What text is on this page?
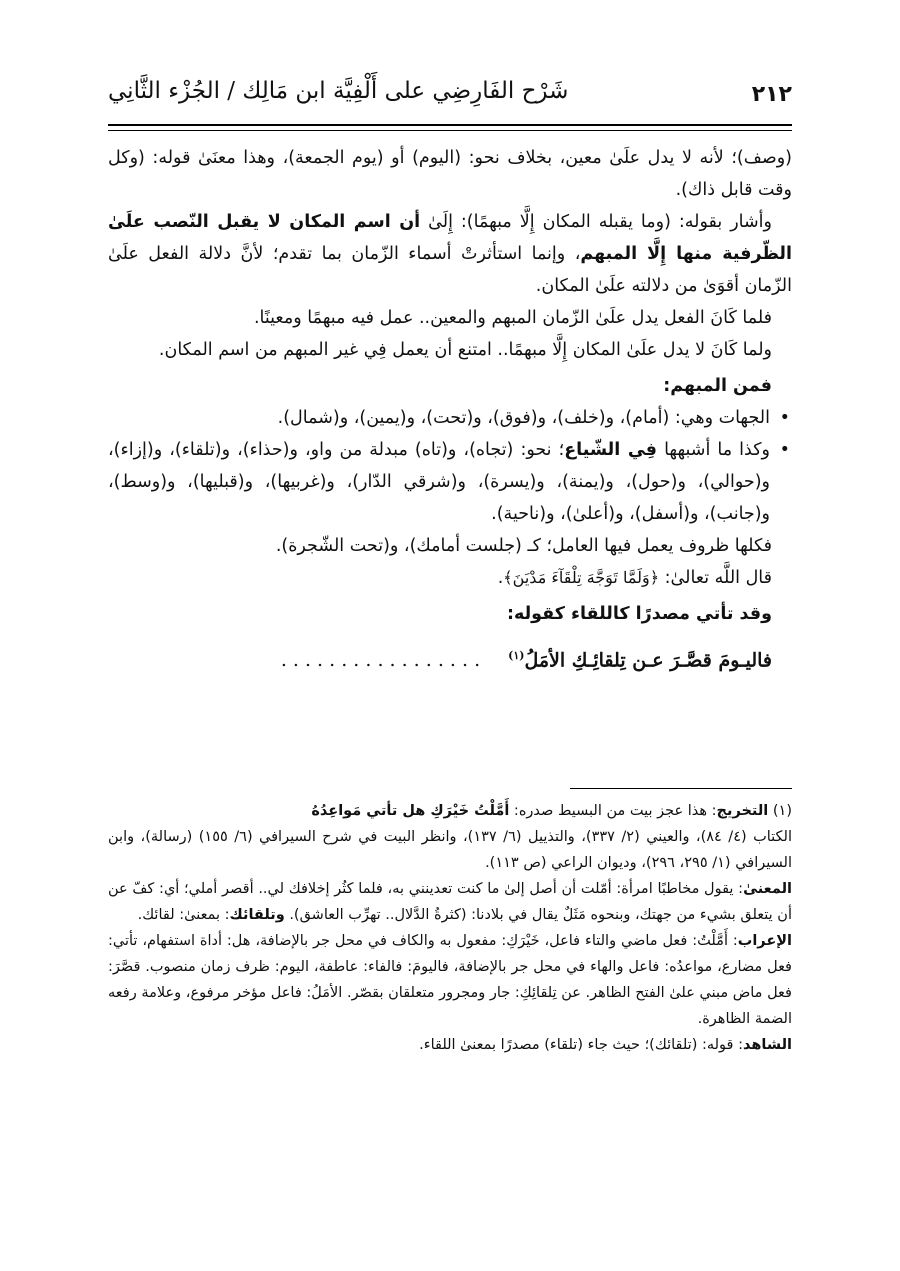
٢١٢
شَرْح الفَارِضِي على أَلْفِيَّة ابن مَالِك / الجُزْء الثَّانِي

(وصف)؛ لأنه لا يدل علَىٰ معين، بخلاف نحو: (اليوم) أو (يوم الجمعة)، وهذا معنَىٰ قوله: (وكل وقت قابل ذاك).

وأشار بقوله: (وما يقبله المكان إِلَّا مبهمًا): إِلَىٰ أن اسم المكان لا يقبل النّصب علَىٰ الظّرفية منها إِلَّا المبهم، وإنما استأثرتْ أسماء الزّمان بما تقدم؛ لأنَّ دلالة الفعل علَىٰ الزّمان أقوَىٰ من دلالته علَىٰ المكان.

فلما كَانَ الفعل يدل علَىٰ الزّمان المبهم والمعين.. عمل فيه مبهمًا ومعينًا.

ولما كَانَ لا يدل علَىٰ المكان إِلَّا مبهمًا.. امتنع أن يعمل فِي غير المبهم من اسم المكان.

فمن المبهم:

• الجهات وهي: (أمام)، و(خلف)، و(فوق)، و(تحت)، و(يمين)، و(شمال).
• وكذا ما أشبهها فِي الشّياع؛ نحو: (تجاه)، و(تاه) مبدلة من واو، و(حذاء)، و(تلقاء)، و(إزاء)، و(حوالي)، و(حول)، و(يمنة)، و(يسرة)، و(شرقي الدّار)، و(غربيها)، و(قبليها)، و(وسط)، و(جانب)، و(أسفل)، و(أعلىٰ)، و(ناحية).

فكلها ظروف يعمل فيها العامل؛ كـ (جلست أمامك)، و(تحت الشّجرة).

قال اللَّه تعالىٰ: ﴿وَلَمَّا تَوَجَّهَ تِلْقَآءَ مَدْيَنَ﴾.

وقد تأتي مصدرًا كاللقاء كقوله:

فاليـومَ قصَّـرَ عـن تِلقائِـكِ الأمَلُ$^{(١)}$. . . . . . . . . . . . . . . . .

(١) التخريج: هذا عجز بيت من البسيط صدره: أَمَّلْتُ خَيْرَكِ هل تأتي مَواعِدُهُ

الكتاب (٤/ ٨٤)، والعيني (٢/ ٣٣٧)، والتذييل (٦/ ١٣٧)، وانظر البيت في شرح السيرافي (٦/ ١٥٥) (رسالة)، وابن السيرافي (١/ ٢٩٥، ٢٩٦)، وديوان الراعي (ص ١١٣).

المعنىٰ: يقول مخاطبًا امرأة: أمّلت أن أصل إلىٰ ما كنت تعدينني به، فلما كثُر إخلافك لي.. أقصر أملي؛ أي: كفّ عن أن يتعلق بشيء من جهتك، وبنحوه مَثَلٌ يقال في بلادنا: (كثرةُ الدَّلال.. تهرِّب العاشق). وتلقائك: بمعنىٰ: لقائك.

الإعراب: أَمَّلْتُ: فعل ماضي والتاء فاعل، خَيْرَكِ: مفعول به والكاف في محل جر بالإضافة، هل: أداة استفهام، تأتي: فعل مضارع، مواعدُه: فاعل والهاء في محل جر بالإضافة، فاليومَ: فالفاء: عاطفة، اليوم: ظرف زمان منصوب. قصَّرَ: فعل ماض مبني علىٰ الفتح الظاهر. عن تِلقائِكِ: جار ومجرور متعلقان بقصّر. الأمَلُ: فاعل مؤخر مرفوع، وعلامة رفعه الضمة الظاهرة.

الشاهد: قوله: (تلقائك)؛ حيث جاء (تلقاء) مصدرًا بمعنىٰ اللقاء.
